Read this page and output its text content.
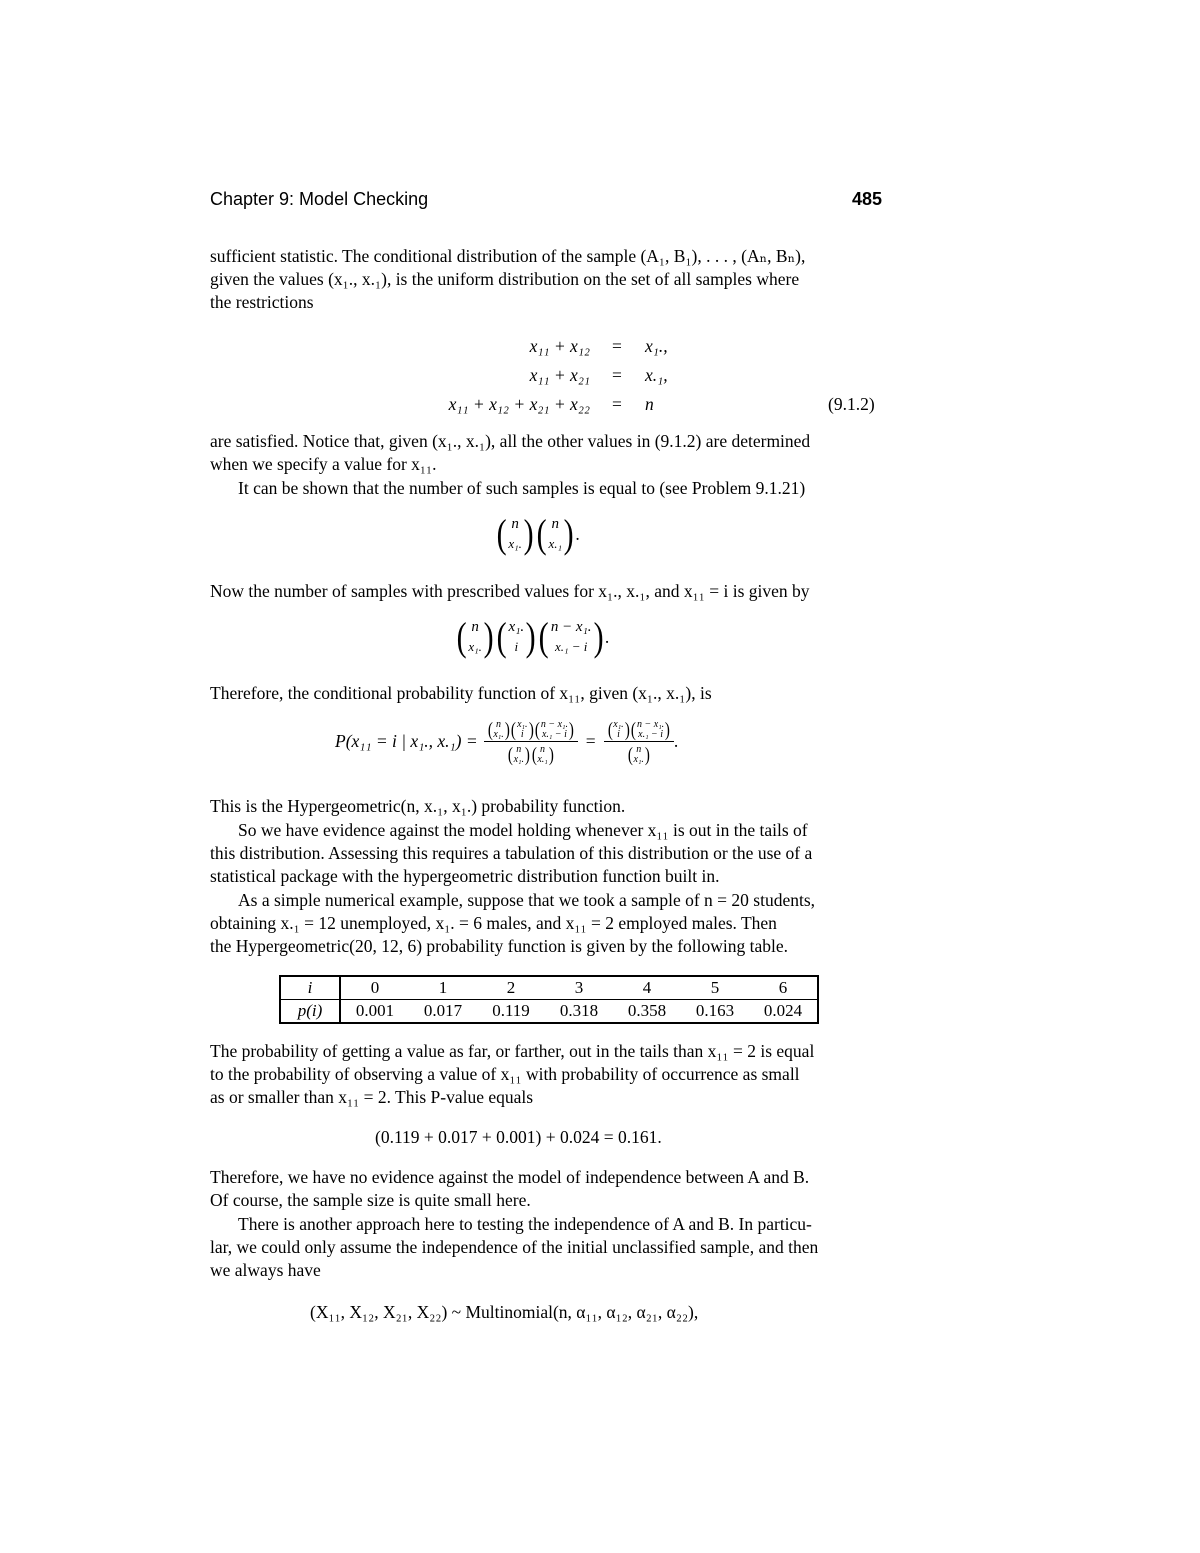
Chapter 9: Model Checking	485
sufficient statistic. The conditional distribution of the sample (A₁, B₁), . . . , (Aₙ, Bₙ),
given the values (x₁., x.₁), is the uniform distribution on the set of all samples where
the restrictions
x₁₁ + x₁₂ = x₁.,
x₁₁ + x₂₁ = x.₁,
x₁₁ + x₁₂ + x₂₁ + x₂₂ = n	(9.1.2)
are satisfied. Notice that, given (x₁., x.₁), all the other values in (9.1.2) are determined
when we specify a value for x₁₁.
It can be shown that the number of such samples is equal to (see Problem 9.1.21)
( n
x₁. ) ( n
x.₁ ) .
Now the number of samples with prescribed values for x₁., x.₁, and x₁₁ = i is given by
( n
x₁. ) ( x₁.
i ) ( n − x₁.
x.₁ − i ) .
Therefore, the conditional probability function of x₁₁, given (x₁., x.₁), is
P(x₁₁ = i | x₁., x.₁) = ( n
x₁. ) ( x₁.
i ) ( n − x₁.
x.₁ − i )
( n
x₁. ) ( n
x.₁ ) = ( x₁.
i ) ( n − x₁.
x.₁ − i )
( n
x₁. ) .
This is the Hypergeometric(n, x.₁, x₁.) probability function.
So we have evidence against the model holding whenever x₁₁ is out in the tails of
this distribution. Assessing this requires a tabulation of this distribution or the use of a
statistical package with the hypergeometric distribution function built in.
As a simple numerical example, suppose that we took a sample of n = 20 students,
obtaining x.₁ = 12 unemployed, x₁. = 6 males, and x₁₁ = 2 employed males. Then
the Hypergeometric(20, 12, 6) probability function is given by the following table.
i	0	1	2	3	4	5	6
p(i)	0.001	0.017	0.119	0.318	0.358	0.163	0.024
The probability of getting a value as far, or farther, out in the tails than x₁₁ = 2 is equal
to the probability of observing a value of x₁₁ with probability of occurrence as small
as or smaller than x₁₁ = 2. This P-value equals
(0.119 + 0.017 + 0.001) + 0.024 = 0.161.
Therefore, we have no evidence against the model of independence between A and B.
Of course, the sample size is quite small here.
There is another approach here to testing the independence of A and B. In particu-
lar, we could only assume the independence of the initial unclassified sample, and then
we always have
(X₁₁, X₁₂, X₂₁, X₂₂) ~ Multinomial(n, α₁₁, α₁₂, α₂₁, α₂₂),
